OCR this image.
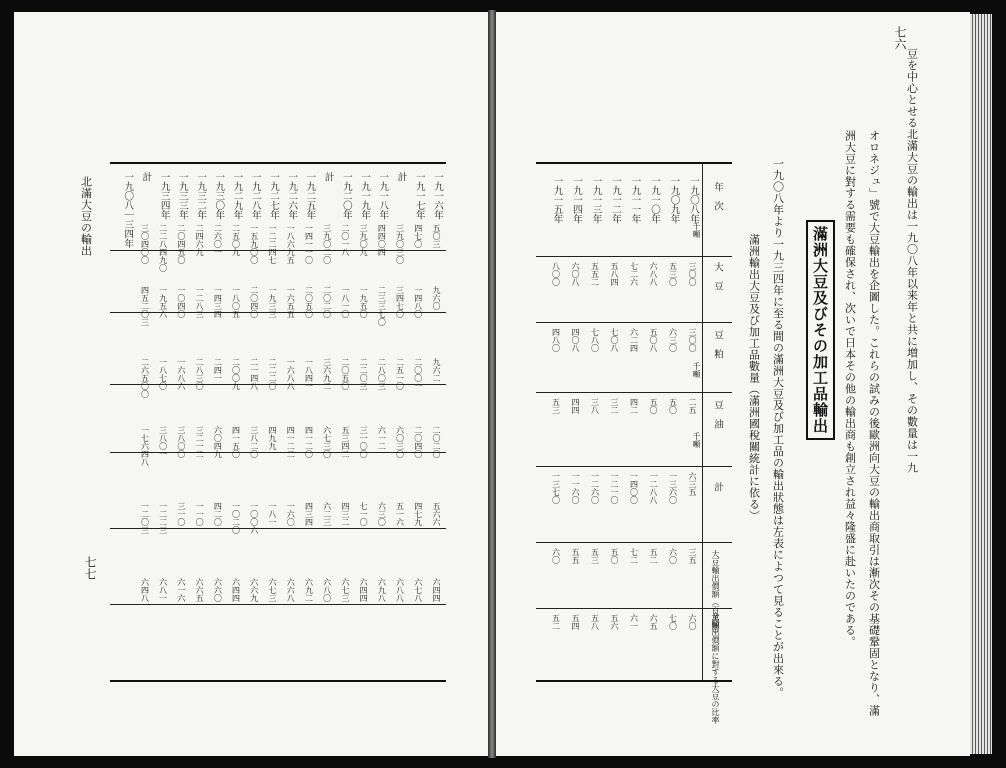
北滿大豆の輸出
七七
一九一六年
一九一七年
計
一九一八年
一九一九年
一九二〇年
計
一九二五年
一九二六年
一九二七年
一九二八年
一九二九年
一九三〇年
一九三二年
一九三三年
一九三四年
計
一九〇八｜三四年	五〇三
四七〇
三九〇三〇
四四〇四
三九〇九
二〇一八
三九〇二〇
一四一一〇
一八六九五
一二二四七
一五九〇〇
二五〇九
二六〇一
二四六九
二〇四五〇
二二八四九〇
三〇四〇〇
九六〇
一四八〇
三四七〇
二三三七〇
一九五〇
一八一〇
二〇二〇
二〇五〇
一六五五
一九三三
二〇四〇
一八〇五
一四三四
一二八三
一〇四〇
一九五六
四五二〇三
九六二
二〇〇一
二五一〇
二八〇三
二二〇三
二〇五〇
三六九二
一八四一
一六八八
二二二〇
二一四八
二〇〇九
二四一
二八三〇
一六八六
一八七〇
二六五〇〇
二〇二〇
二〇四〇
六〇三〇
六一二
三一〇〇
五三四二
六七三〇
四一二〇
四一二二
四九九
三八二〇
四一五〇
六〇四九
三二一二
三八〇〇
三八〇一
一七六四八
五六六
四七九
五一六
六三〇
七一〇
四三二
六二三
四三四
一六〇
一八一
一〇〇六
一〇二〇
四二〇
一一〇
三一〇
一二二三
一二〇三
六四四
六七八
六八八
六九八
六四四
六七三
六八〇
六九二
六六八
六七三
六六九
六四四
六六〇
六六五
六一六
六八一
六四八
七六
豆を中心とせる北滿大豆の輸出は一九〇八年以来年と共に増加し、その數量は一九
オロネジュ」號で大豆輸出を企圖した。これらの試みの後歐洲向大豆の輸出商取引は漸次その基礎鞏固となり、滿
洲大豆に對する需要も確保され、次いで日本その他の輸出商も創立され益々隆盛に赴いたのである。
滿洲大豆及びその加工品輸出
一九〇八年より一九三四年に至る間の滿洲大豆及び加工品の輸出狀態は左表によつて見ることが出來る。
滿洲輸出大豆及び加工品數量（滿洲國稅關統計に依る）
年　次
大　豆
豆　粕
豆　油
計
大豆輸出價額（百萬圓）
全輸出價額に對する大豆の比率
一九〇八年
一九〇九年
一九一〇年
一九一一年
一九一二年
一九一三年
一九一四年
一九一五年
三〇〇
五三〇
六八八
七二六
五八四
五五二
六〇八
八〇〇
三〇〇
六三〇
五〇八
六二四
七〇八
七八〇
四〇八
四八〇
二五
五〇
五〇
四二
三二
三八
四四
五三
六三五
一三六〇
一二八八
一四〇〇
一二一〇
一二六〇
一一六〇
一三七〇
三五
六〇
五二
七二
五〇
五三
五五
六〇
六〇
七〇
六五
六一
五六
五八
五四
五二
千噸
千噸
千噸
